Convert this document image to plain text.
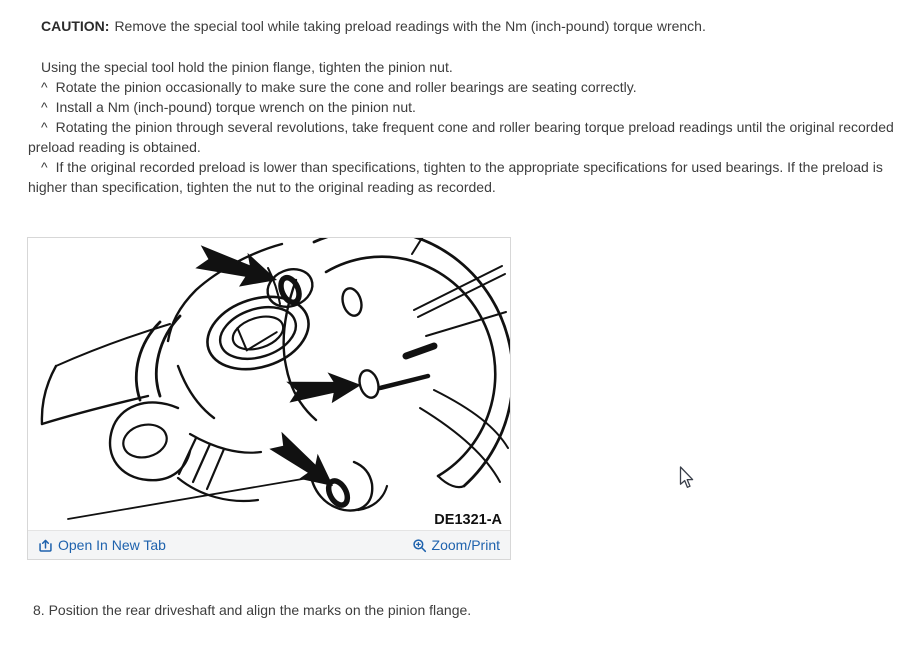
CAUTION: Remove the special tool while taking preload readings with the Nm (inch-pound) torque wrench.

Using the special tool hold the pinion flange, tighten the pinion nut.

^ Rotate the pinion occasionally to make sure the cone and roller bearings are seating correctly.

^ Install a Nm (inch-pound) torque wrench on the pinion nut.

^ Rotating the pinion through several revolutions, take frequent cone and roller bearing torque preload readings until the original recorded preload reading is obtained.

^ If the original recorded preload is lower than specifications, tighten to the appropriate specifications for used bearings. If the preload is higher than specification, tighten the nut to the original reading as recorded.

DE1321-A
Open In New Tab	Zoom/Print

8. Position the rear driveshaft and align the marks on the pinion flange.
